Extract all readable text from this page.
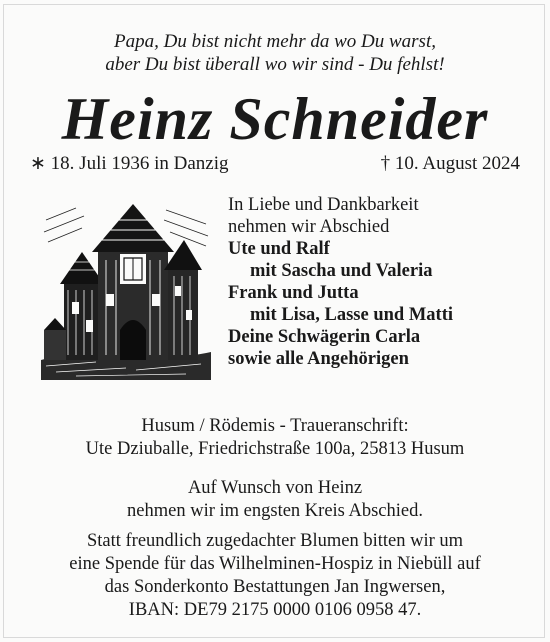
Papa, Du bist nicht mehr da wo Du warst,
aber Du bist überall wo wir sind - Du fehlst!
Heinz Schneider
∗ 18. Juli 1936 in Danzig	† 10. August 2024
In Liebe und Dankbarkeit
nehmen wir Abschied
Ute und Ralf
mit Sascha und Valeria
Frank und Jutta
mit Lisa, Lasse und Matti
Deine Schwägerin Carla
sowie alle Angehörigen
Husum / Rödemis - Traueranschrift:
Ute Dziuballe, Friedrichstraße 100a, 25813 Husum
Auf Wunsch von Heinz
nehmen wir im engsten Kreis Abschied.
Statt freundlich zugedachter Blumen bitten wir um
eine Spende für das Wilhelminen-Hospiz in Niebüll auf
das Sonderkonto Bestattungen Jan Ingwersen,
IBAN: DE79 2175 0000 0106 0958 47.
